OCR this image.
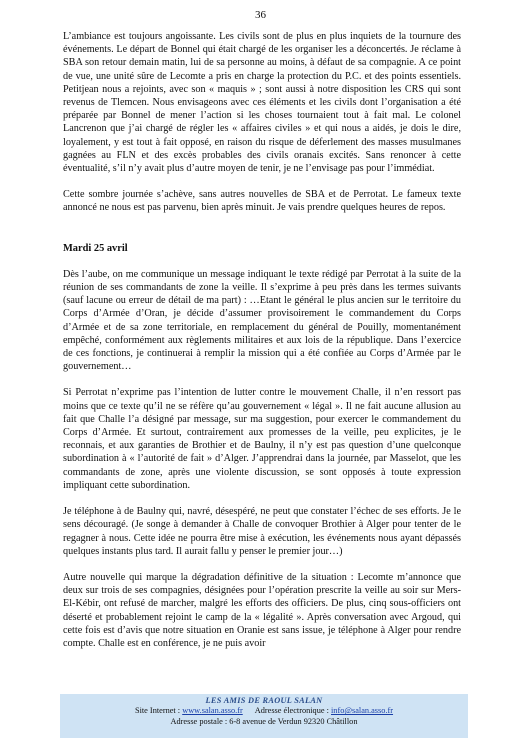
36

L’ambiance est toujours angoissante. Les civils sont de plus en plus inquiets de la tournure des événements. Le départ de Bonnel qui était chargé de les organiser les a déconcertés. Je réclame à SBA son retour demain matin, lui de sa personne au moins, à défaut de sa compagnie. A ce point de vue, une unité sûre de Lecomte a pris en charge la protection du P.C. et des points essentiels. Petitjean nous a rejoints, avec son « maquis » ; sont aussi à notre disposition les CRS qui sont revenus de Tlemcen. Nous envisageons avec ces éléments et les civils dont l’organisation a été préparée par Bonnel de mener l’action si les choses tournaient tout à fait mal. Le colonel Lancrenon que j’ai chargé de régler les « affaires civiles » et qui nous a aidés, je dois le dire, loyalement, y est tout à fait opposé, en raison du risque de déferlement des masses musulmanes gagnées au FLN et des excès probables des civils oranais excités. Sans renoncer à cette éventualité, s’il n’y avait plus d’autre moyen de tenir, je ne l’envisage pas pour l’immédiat.

Cette sombre journée s’achève, sans autres nouvelles de SBA et de Perrotat. Le fameux texte annoncé ne nous est pas parvenu, bien après minuit. Je vais prendre quelques heures de repos.

Mardi 25 avril

Dès l’aube, on me communique un message indiquant le texte rédigé par Perrotat à la suite de la réunion de ses commandants de zone la veille. Il s’exprime à peu près dans les termes suivants (sauf lacune ou erreur de détail de ma part) : …Etant le général le plus ancien sur le territoire du Corps d’Armée d’Oran, je décide d’assumer provisoirement le commandement du Corps d’Armée et de sa zone territoriale, en remplacement du général de Pouilly, momentanément empêché, conformément aux règlements militaires et aux lois de la république. Dans l’exercice de ces fonctions, je continuerai à remplir la mission qui a été confiée au Corps d’Armée par le gouvernement…

Si Perrotat n’exprime pas l’intention de lutter contre le mouvement Challe, il n’en ressort pas moins que ce texte qu’il ne se réfère qu’au gouvernement « légal ». Il ne fait aucune allusion au fait que Challe l’a désigné par message, sur ma suggestion, pour exercer le commandement du Corps d’Armée. Et surtout, contrairement aux promesses de la veille, peu explicites, je le reconnais, et aux garanties de Brothier et de Baulny, il n’y est pas question d’une quelconque subordination à « l’autorité de fait » d’Alger. J’apprendrai dans la journée, par Masselot, que les commandants de zone, après une violente discussion, se sont opposés à toute expression impliquant cette subordination.

Je téléphone à de Baulny qui, navré, désespéré, ne peut que constater l’échec de ses efforts. Je le sens découragé. (Je songe à demander à Challe de convoquer Brothier à Alger pour tenter de le regagner à nous. Cette idée ne pourra être mise à exécution, les événements nous ayant dépassés quelques instants plus tard. Il aurait fallu y penser le premier jour…)

Autre nouvelle qui marque la dégradation définitive de la situation : Lecomte m’annonce que deux sur trois de ses compagnies, désignées pour l’opération prescrite la veille au soir sur Mers-El-Kébir, ont refusé de marcher, malgré les efforts des officiers. De plus, cinq sous-officiers ont déserté et probablement rejoint le camp de la « légalité ». Après conversation avec Argoud, qui cette fois est d’avis que notre situation en Oranie est sans issue, je téléphone à Alger pour rendre compte. Challe est en conférence, je ne puis avoir

LES AMIS DE RAOUL SALAN
Site Internet : www.salan.asso.fr Adresse électronique : info@salan.asso.fr
Adresse postale : 6-8 avenue de Verdun 92320 Châtillon
